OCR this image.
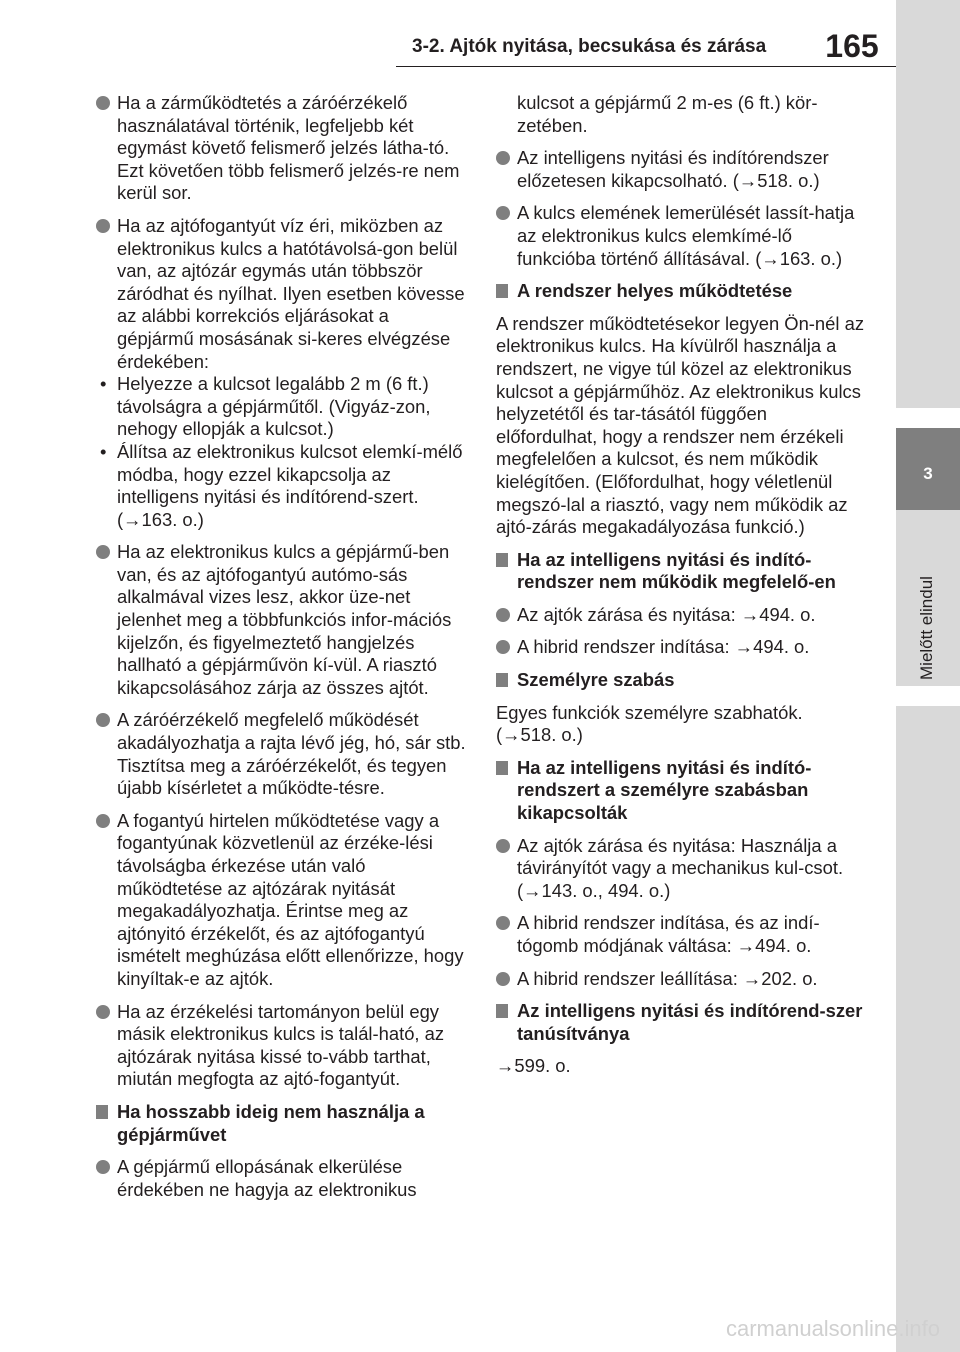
3-2. Ajtók nyitása, becsukása és zárása 165
3
Mielőtt elindul
Ha a zárműködtetés a záróérzékelő használatával történik, legfeljebb két egymást követő felismerő jelzés látha-tó. Ezt követően több felismerő jelzés-re nem kerül sor.
Ha az ajtófogantyút víz éri, miközben az elektronikus kulcs a hatótávolsá-gon belül van, az ajtózár egymás után többször záródhat és nyílhat. Ilyen esetben kövesse az alábbi korrekciós eljárásokat a gépjármű mosásának si-keres elvégzése érdekében:
• Helyezze a kulcsot legalább 2 m (6 ft.) távolságra a gépjárműtől. (Vigyáz-zon, nehogy ellopják a kulcsot.)
• Állítsa az elektronikus kulcsot elemkí-mélő módba, hogy ezzel kikapcsolja az intelligens nyitási és indítórend-szert. (→163. o.)
Ha az elektronikus kulcs a gépjármű-ben van, és az ajtófogantyú autómo-sás alkalmával vizes lesz, akkor üze-net jelenhet meg a többfunkciós infor-mációs kijelzőn, és figyelmeztető hangjelzés hallható a gépjárművön kí-vül. A riasztó kikapcsolásához zárja az összes ajtót.
A záróérzékelő megfelelő működését akadályozhatja a rajta lévő jég, hó, sár stb. Tisztítsa meg a záróérzékelőt, és tegyen újabb kísérletet a működte-tésre.
A fogantyú hirtelen működtetése vagy a fogantyúnak közvetlenül az érzéke-lési távolságba érkezése után való működtetése az ajtózárak nyitását megakadályozhatja. Érintse meg az ajtónyitó érzékelőt, és az ajtófogantyú ismételt meghúzása előtt ellenőrizze, hogy kinyíltak-e az ajtók.
Ha az érzékelési tartományon belül egy másik elektronikus kulcs is talál-ható, az ajtózárak nyitása kissé to-vább tarthat, miután megfogta az ajtó-fogantyút.
Ha hosszabb ideig nem használja a gépjárművet
A gépjármű ellopásának elkerülése érdekében ne hagyja az elektronikus
kulcsot a gépjármű 2 m-es (6 ft.) kör-zetében.
Az intelligens nyitási és indítórendszer előzetesen kikapcsolható. (→518. o.)
A kulcs elemének lemerülését lassít-hatja az elektronikus kulcs elemkímé-lő funkcióba történő állításával. (→163. o.)
A rendszer helyes működtetése
A rendszer működtetésekor legyen Ön-nél az elektronikus kulcs. Ha kívülről használja a rendszert, ne vigye túl közel az elektronikus kulcsot a gépjárműhöz. Az elektronikus kulcs helyzetétől és tar-tásától függően előfordulhat, hogy a rendszer nem érzékeli megfelelően a kulcsot, és nem működik kielégítően. (Előfordulhat, hogy véletlenül megszó-lal a riasztó, vagy nem működik az ajtó-zárás megakadályozása funkció.)
Ha az intelligens nyitási és indító-rendszer nem működik megfelelő-en
Az ajtók zárása és nyitása: →494. o.
A hibrid rendszer indítása: →494. o.
Személyre szabás
Egyes funkciók személyre szabhatók. (→518. o.)
Ha az intelligens nyitási és indító-rendszert a személyre szabásban kikapcsolták
Az ajtók zárása és nyitása: Használja a távirányítót vagy a mechanikus kul-csot. (→143. o., 494. o.)
A hibrid rendszer indítása, és az indí-tógomb módjának váltása: →494. o.
A hibrid rendszer leállítása: →202. o.
Az intelligens nyitási és indítórend-szer tanúsítványa
→599. o.
carmanualsonline.info
